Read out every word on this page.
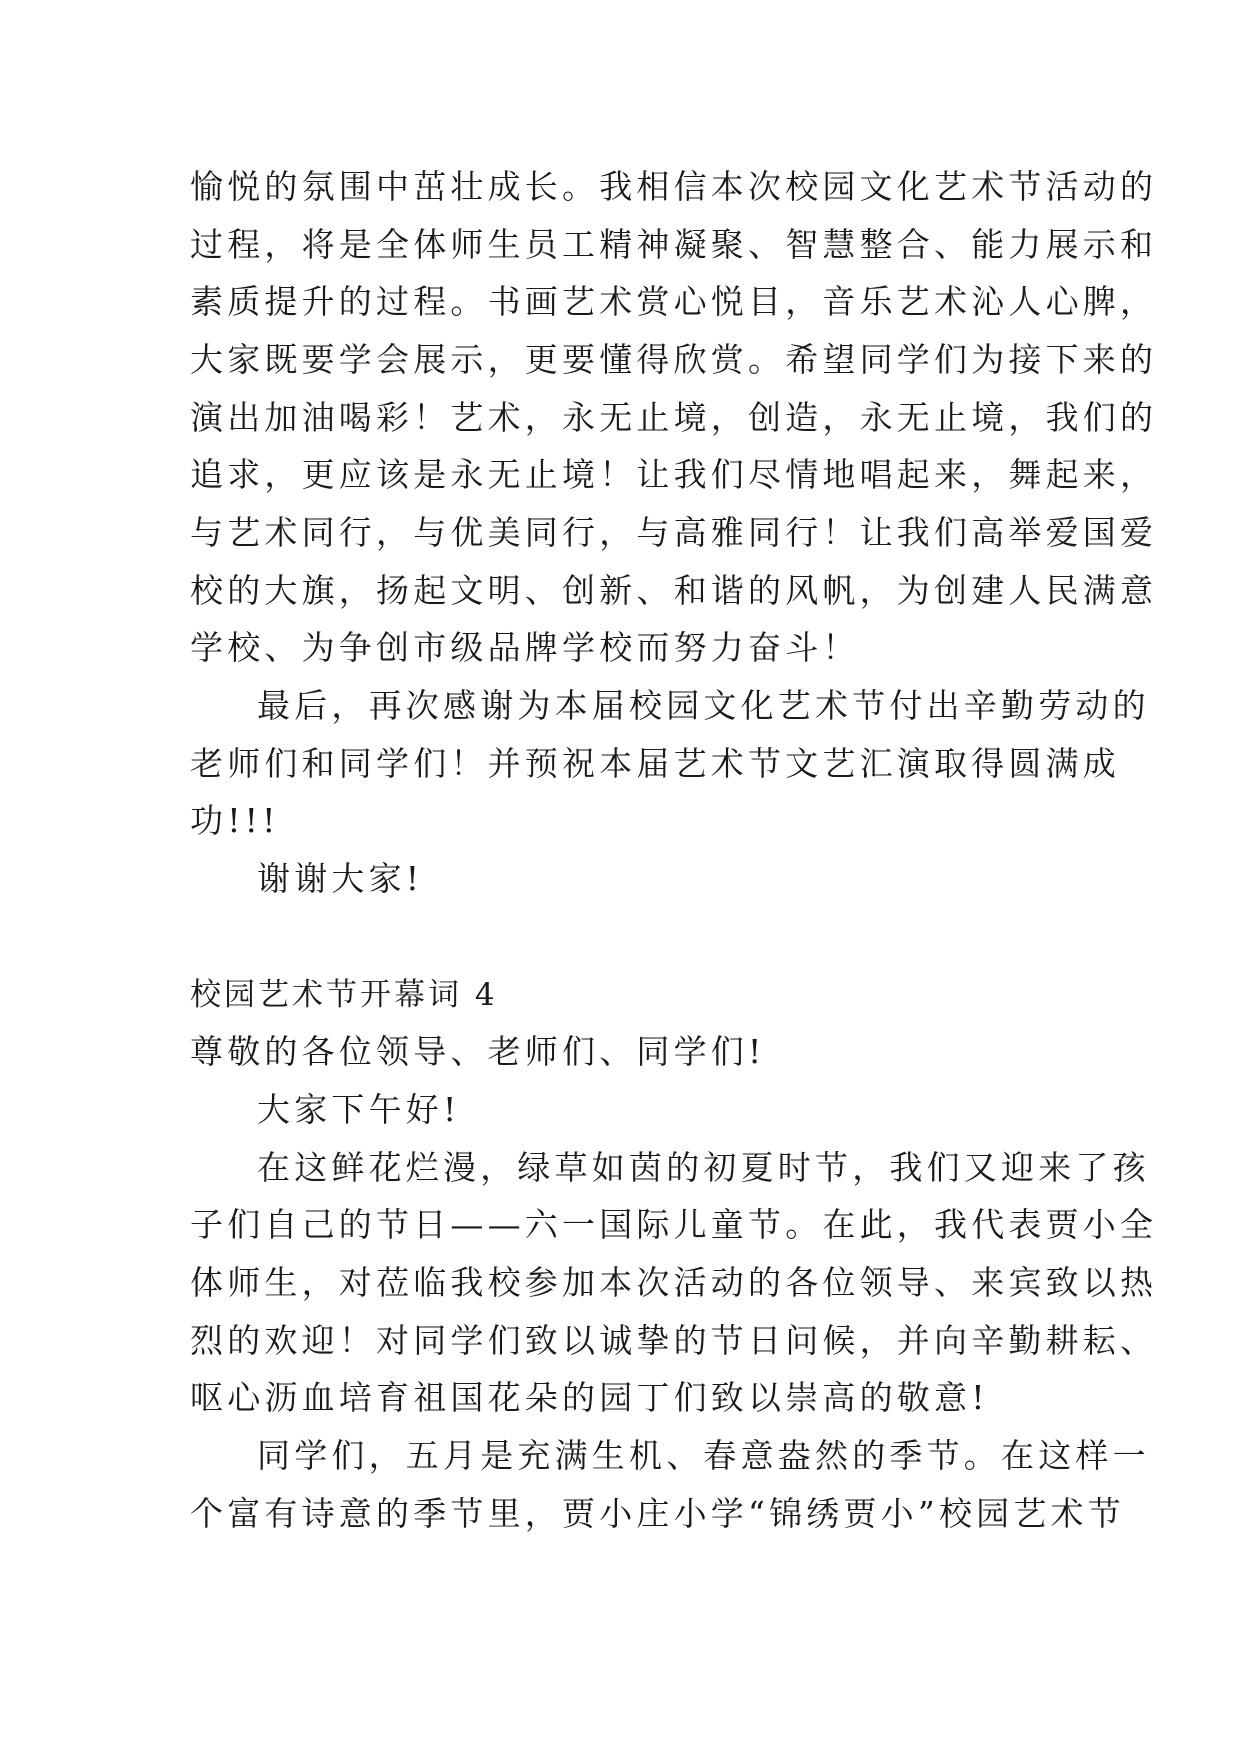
愉悦的氛围中茁壮成长。我相信本次校园文化艺术节活动的
过程，将是全体师生员工精神凝聚、智慧整合、能力展示和
素质提升的过程。书画艺术赏心悦目，音乐艺术沁人心脾，
大家既要学会展示，更要懂得欣赏。希望同学们为接下来的
演出加油喝彩！艺术，永无止境，创造，永无止境，我们的
追求，更应该是永无止境！让我们尽情地唱起来，舞起来，
与艺术同行，与优美同行，与高雅同行！让我们高举爱国爱
校的大旗，扬起文明、创新、和谐的风帆，为创建人民满意
学校、为争创市级品牌学校而努力奋斗！
最后，再次感谢为本届校园文化艺术节付出辛勤劳动的
老师们和同学们！并预祝本届艺术节文艺汇演取得圆满成
功!!!
谢谢大家!
校园艺术节开幕词 4
尊敬的各位领导、老师们、同学们!
大家下午好!
在这鲜花烂漫，绿草如茵的初夏时节，我们又迎来了孩
子们自己的节日——六一国际儿童节。在此，我代表贾小全
体师生，对莅临我校参加本次活动的各位领导、来宾致以热
烈的欢迎！对同学们致以诚挚的节日问候，并向辛勤耕耘、
呕心沥血培育祖国花朵的园丁们致以崇高的敬意!
同学们，五月是充满生机、春意盎然的季节。在这样一
个富有诗意的季节里，贾小庄小学“锦绣贾小”校园艺术节
